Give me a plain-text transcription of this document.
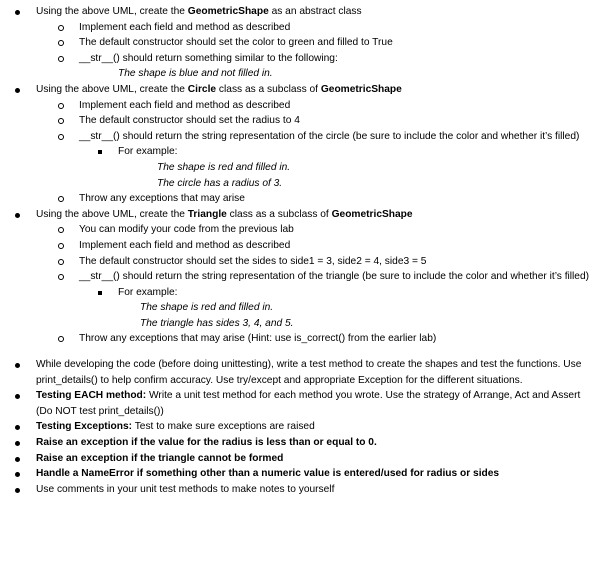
Using the above UML, create the GeometricShape as an abstract class
Implement each field and method as described
The default constructor should set the color to green and filled to True
__str__() should return something similar to the following:
The shape is blue and not filled in.
Using the above UML, create the Circle class as a subclass of GeometricShape
Implement each field and method as described
The default constructor should set the radius to 4
__str__() should return the string representation of the circle (be sure to include the color and whether it’s filled)
For example:
The shape is red and filled in.
The circle has a radius of 3.
Throw any exceptions that may arise
Using the above UML, create the Triangle class as a subclass of GeometricShape
You can modify your code from the previous lab
Implement each field and method as described
The default constructor should set the sides to side1 = 3, side2 = 4, side3 = 5
__str__() should return the string representation of the triangle (be sure to include the color and whether it’s filled)
For example:
The shape is red and filled in.
The triangle has sides 3, 4, and 5.
Throw any exceptions that may arise (Hint: use is_correct() from the earlier lab)
While developing the code (before doing unittesting), write a test method to create the shapes and test the functions. Use print_details() to help confirm accuracy. Use try/except and appropriate Exception for the different situations.
Testing EACH method: Write a unit test method for each method you wrote. Use the strategy of Arrange, Act and Assert (Do NOT test print_details())
Testing Exceptions: Test to make sure exceptions are raised
Raise an exception if the value for the radius is less than or equal to 0.
Raise an exception if the triangle cannot be formed
Handle a NameError if something other than a numeric value is entered/used for radius or sides
Use comments in your unit test methods to make notes to yourself
